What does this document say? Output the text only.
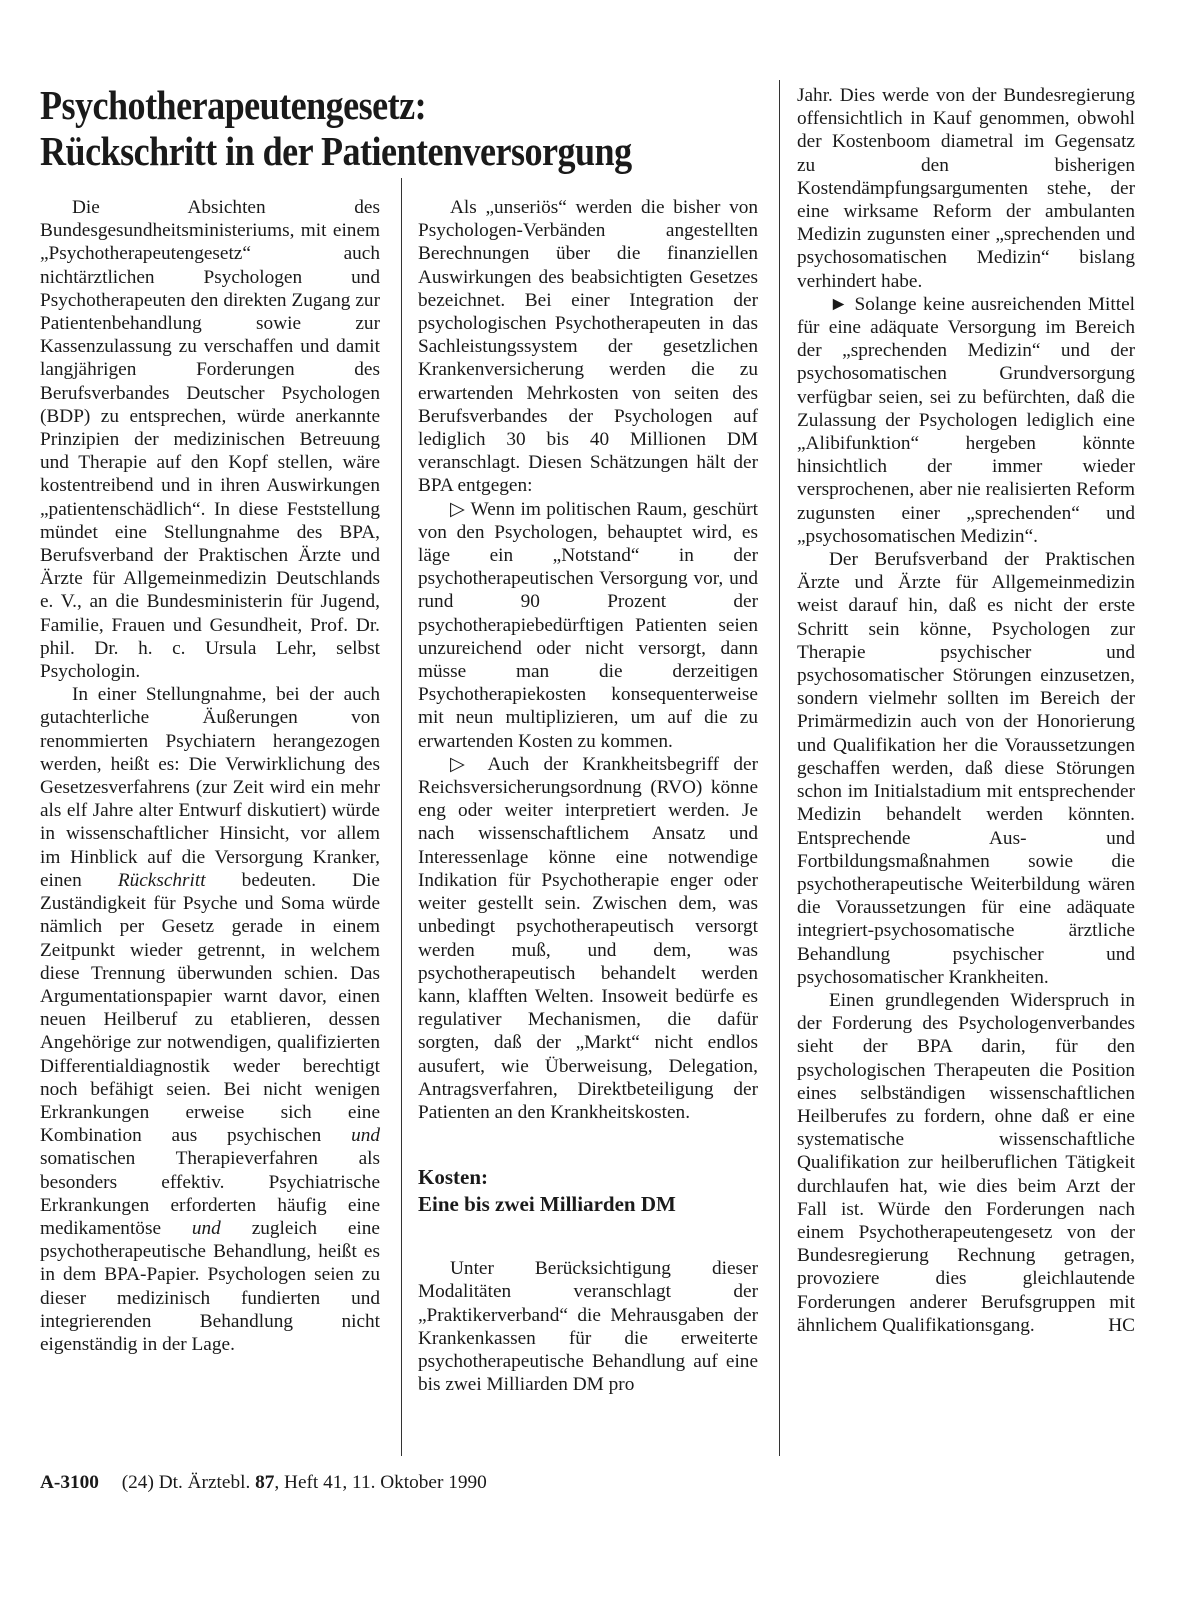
Psychotherapeutengesetz:
Rückschritt in der Patientenversorgung

Die Absichten des Bundesgesundheitsministeriums, mit einem „Psychotherapeutengesetz“ auch nichtärztlichen Psychologen und Psychotherapeuten den direkten Zugang zur Patientenbehandlung sowie zur Kassenzulassung zu verschaffen und damit langjährigen Forderungen des Berufsverbandes Deutscher Psychologen (BDP) zu entsprechen, würde anerkannte Prinzipien der medizinischen Betreuung und Therapie auf den Kopf stellen, wäre kostentreibend und in ihren Auswirkungen „patientenschädlich“. In diese Feststellung mündet eine Stellungnahme des BPA, Berufsverband der Praktischen Ärzte und Ärzte für Allgemeinmedizin Deutschlands e. V., an die Bundesministerin für Jugend, Familie, Frauen und Gesundheit, Prof. Dr. phil. Dr. h. c. Ursula Lehr, selbst Psychologin.

In einer Stellungnahme, bei der auch gutachterliche Äußerungen von renommierten Psychiatern herangezogen werden, heißt es: Die Verwirklichung des Gesetzesverfahrens (zur Zeit wird ein mehr als elf Jahre alter Entwurf diskutiert) würde in wissenschaftlicher Hinsicht, vor allem im Hinblick auf die Versorgung Kranker, einen Rückschritt bedeuten. Die Zuständigkeit für Psyche und Soma würde nämlich per Gesetz gerade in einem Zeitpunkt wieder getrennt, in welchem diese Trennung überwunden schien. Das Argumentationspapier warnt davor, einen neuen Heilberuf zu etablieren, dessen Angehörige zur notwendigen, qualifizierten Differentialdiagnostik weder berechtigt noch befähigt seien. Bei nicht wenigen Erkrankungen erweise sich eine Kombination aus psychischen und somatischen Therapieverfahren als besonders effektiv. Psychiatrische Erkrankungen erforderten häufig eine medikamentöse und zugleich eine psychotherapeutische Behandlung, heißt es in dem BPA-Papier. Psychologen seien zu dieser medizinisch fundierten und integrierenden Behandlung nicht eigenständig in der Lage.

Als „unseriös“ werden die bisher von Psychologen-Verbänden angestellten Berechnungen über die finanziellen Auswirkungen des beabsichtigten Gesetzes bezeichnet. Bei einer Integration der psychologischen Psychotherapeuten in das Sachleistungssystem der gesetzlichen Krankenversicherung werden die zu erwartenden Mehrkosten von seiten des Berufsverbandes der Psychologen auf lediglich 30 bis 40 Millionen DM veranschlagt. Diesen Schätzungen hält der BPA entgegen:

▷ Wenn im politischen Raum, geschürt von den Psychologen, behauptet wird, es läge ein „Notstand“ in der psychotherapeutischen Versorgung vor, und rund 90 Prozent der psychotherapiebedürftigen Patienten seien unzureichend oder nicht versorgt, dann müsse man die derzeitigen Psychotherapiekosten konsequenterweise mit neun multiplizieren, um auf die zu erwartenden Kosten zu kommen.

▷ Auch der Krankheitsbegriff der Reichsversicherungsordnung (RVO) könne eng oder weiter interpretiert werden. Je nach wissenschaftlichem Ansatz und Interessenlage könne eine notwendige Indikation für Psychotherapie enger oder weiter gestellt sein. Zwischen dem, was unbedingt psychotherapeutisch versorgt werden muß, und dem, was psychotherapeutisch behandelt werden kann, klafften Welten. Insoweit bedürfe es regulativer Mechanismen, die dafür sorgten, daß der „Markt“ nicht endlos ausufert, wie Überweisung, Delegation, Antragsverfahren, Direktbeteiligung der Patienten an den Krankheitskosten.

Kosten:
Eine bis zwei Milliarden DM

Unter Berücksichtigung dieser Modalitäten veranschlagt der „Praktikerverband“ die Mehrausgaben der Krankenkassen für die erweiterte psychotherapeutische Behandlung auf eine bis zwei Milliarden DM pro

Jahr. Dies werde von der Bundesregierung offensichtlich in Kauf genommen, obwohl der Kostenboom diametral im Gegensatz zu den bisherigen Kostendämpfungsargumenten stehe, der eine wirksame Reform der ambulanten Medizin zugunsten einer „sprechenden und psychosomatischen Medizin“ bislang verhindert habe.

► Solange keine ausreichenden Mittel für eine adäquate Versorgung im Bereich der „sprechenden Medizin“ und der psychosomatischen Grundversorgung verfügbar seien, sei zu befürchten, daß die Zulassung der Psychologen lediglich eine „Alibifunktion“ hergeben könnte hinsichtlich der immer wieder versprochenen, aber nie realisierten Reform zugunsten einer „sprechenden“ und „psychosomatischen Medizin“.

Der Berufsverband der Praktischen Ärzte und Ärzte für Allgemeinmedizin weist darauf hin, daß es nicht der erste Schritt sein könne, Psychologen zur Therapie psychischer und psychosomatischer Störungen einzusetzen, sondern vielmehr sollten im Bereich der Primärmedizin auch von der Honorierung und Qualifikation her die Voraussetzungen geschaffen werden, daß diese Störungen schon im Initialstadium mit entsprechender Medizin behandelt werden könnten. Entsprechende Aus- und Fortbildungsmaßnahmen sowie die psychotherapeutische Weiterbildung wären die Voraussetzungen für eine adäquate integriert-psychosomatische ärztliche Behandlung psychischer und psychosomatischer Krankheiten.

Einen grundlegenden Widerspruch in der Forderung des Psychologenverbandes sieht der BPA darin, für den psychologischen Therapeuten die Position eines selbständigen wissenschaftlichen Heilberufes zu fordern, ohne daß er eine systematische wissenschaftliche Qualifikation zur heilberuflichen Tätigkeit durchlaufen hat, wie dies beim Arzt der Fall ist. Würde den Forderungen nach einem Psychotherapeutengesetz von der Bundesregierung Rechnung getragen, provoziere dies gleichlautende Forderungen anderer Berufsgruppen mit ähnlichem Qualifikationsgang.	HC

A-3100 (24) Dt. Ärztebl. 87, Heft 41, 11. Oktober 1990
